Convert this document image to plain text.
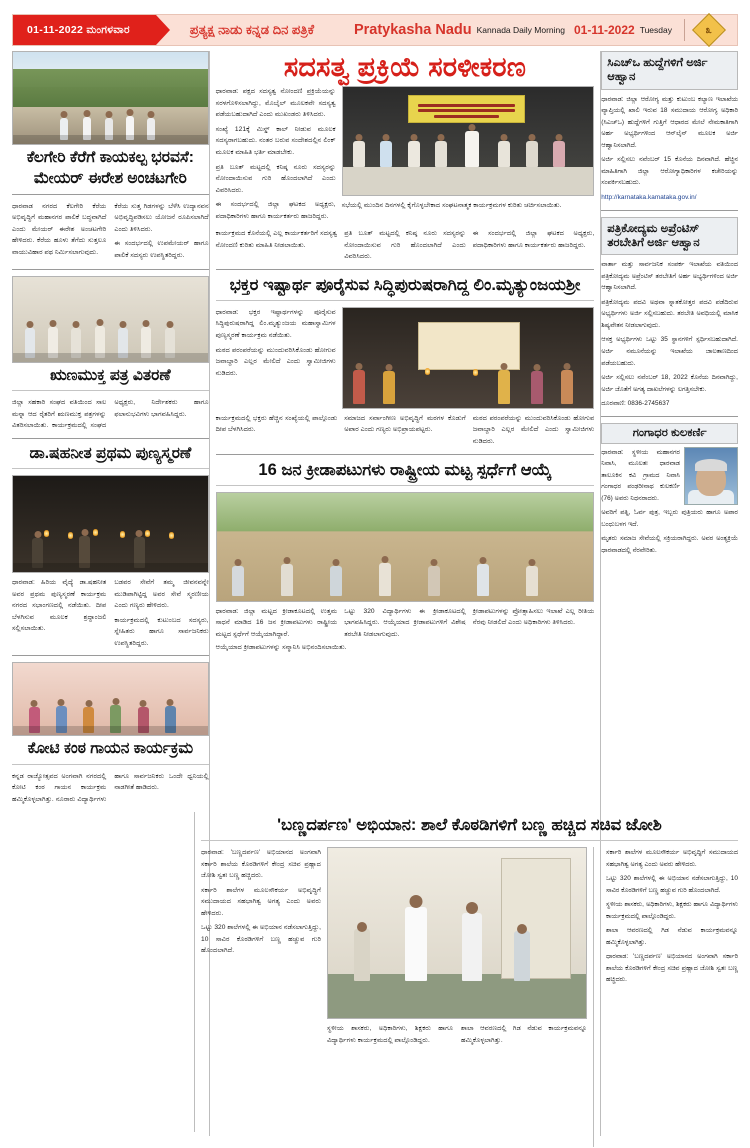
01-11-2022 ಮಂಗಳವಾರ	ಪ್ರತ್ಯಕ್ಷ ನಾಡು ಕನ್ನಡ ದಿನ ಪತ್ರಿಕೆ	Pratykasha Nadu Kannada Daily Morning 01-11-2022 Tuesday	೩
ಕೆಲಗೇರಿ ಕೆರೆಗೆ ಕಾಯಕಲ್ಪ ಭರವಸೆ:
ಮೇಯರ್ ಈರೇಶ ಅಂಚಟಗೇರಿ

ಧಾರವಾಡ ನಗರದ ಕೆಲಗೇರಿ ಕೆರೆಯ ಅಭಿವೃದ್ಧಿಗೆ ಮಹಾನಗರ ಪಾಲಿಕೆ ಬದ್ಧವಾಗಿದೆ ಎಂದು ಮೇಯರ್ ಈರೇಶ ಅಂಚಟಗೇರಿ ಹೇಳಿದರು. ಕೆರೆಯ ಹೂಳು ತೆಗೆದು ಸುತ್ತಲೂ ವಾಯುವಿಹಾರ ಪಥ ನಿರ್ಮಿಸಲಾಗುವುದು.

ಕೆರೆಯ ಸುತ್ತ ಗಿಡಗಳನ್ನು ಬೆಳೆಸಿ ಉದ್ಯಾನವನ ಅಭಿವೃದ್ಧಿಪಡಿಸಲು ಯೋಜನೆ ರೂಪಿಸಲಾಗಿದೆ ಎಂದು ತಿಳಿಸಿದರು.

ಈ ಸಂದರ್ಭದಲ್ಲಿ ಉಪಮೇಯರ್ ಹಾಗೂ ಪಾಲಿಕೆ ಸದಸ್ಯರು ಉಪಸ್ಥಿತರಿದ್ದರು.

ಋಣಮುಕ್ತ ಪತ್ರ ವಿತರಣೆ

ಜಿಲ್ಲಾ ಸಹಕಾರಿ ಸಂಘದ ವತಿಯಿಂದ ಸಾಲ ಮನ್ನಾ ಆದ ರೈತರಿಗೆ ಋಣಮುಕ್ತ ಪತ್ರಗಳನ್ನು ವಿತರಿಸಲಾಯಿತು. ಕಾರ್ಯಕ್ರಮದಲ್ಲಿ ಸಂಘದ ಅಧ್ಯಕ್ಷರು, ನಿರ್ದೇಶಕರು ಹಾಗೂ ಫಲಾನುಭವಿಗಳು ಭಾಗವಹಿಸಿದ್ದರು.

ಡಾ.ಷಹನೀತ ಪ್ರಥಮ ಪುಣ್ಯಸ್ಮರಣೆ

ಧಾರವಾಡ: ಹಿರಿಯ ವೈದ್ಯೆ ಡಾ.ಷಹನೀತ ಅವರ ಪ್ರಥಮ ಪುಣ್ಯಸ್ಮರಣೆ ಕಾರ್ಯಕ್ರಮ ನಗರದ ಸಭಾಂಗಣದಲ್ಲಿ ನಡೆಯಿತು. ದೀಪ ಬೆಳಗಿಸುವ ಮೂಲಕ ಶ್ರದ್ಧಾಂಜಲಿ ಸಲ್ಲಿಸಲಾಯಿತು.

ಬಡವರ ಸೇವೆಗೆ ತಮ್ಮ ಜೀವನವನ್ನೇ ಮುಡಿಪಾಗಿಟ್ಟಿದ್ದ ಅವರ ಸೇವೆ ಸ್ಮರಣೀಯ ಎಂದು ಗಣ್ಯರು ಹೇಳಿದರು.

ಕಾರ್ಯಕ್ರಮದಲ್ಲಿ ಕುಟುಂಬದ ಸದಸ್ಯರು, ಸ್ನೇಹಿತರು ಹಾಗೂ ಸಾರ್ವಜನಿಕರು ಉಪಸ್ಥಿತರಿದ್ದರು.

ಕೋಟಿ ಕಂಠ ಗಾಯನ ಕಾರ್ಯಕ್ರಮ

ಕನ್ನಡ ರಾಜ್ಯೋತ್ಸವದ ಅಂಗವಾಗಿ ನಗರದಲ್ಲಿ ಕೋಟಿ ಕಂಠ ಗಾಯನ ಕಾರ್ಯಕ್ರಮ ಹಮ್ಮಿಕೊಳ್ಳಲಾಗಿತ್ತು. ನೂರಾರು ವಿದ್ಯಾರ್ಥಿಗಳು ಹಾಗೂ ಸಾರ್ವಜನಿಕರು ಒಂದೇ ಧ್ವನಿಯಲ್ಲಿ ನಾಡಗೀತೆ ಹಾಡಿದರು.

ಸದಸತ್ವ ಪ್ರಕ್ರಿಯೆ ಸರಳೀಕರಣ

ಧಾರವಾಡ: ಪಕ್ಷದ ಸದಸ್ಯತ್ವ ನೋಂದಣಿ ಪ್ರಕ್ರಿಯೆಯನ್ನು ಸರಳಗೊಳಿಸಲಾಗಿದ್ದು, ಮೊಬೈಲ್ ಮೂಲಕವೇ ಸದಸ್ಯತ್ವ ಪಡೆಯಬಹುದಾಗಿದೆ ಎಂದು ಮುಖಂಡರು ತಿಳಿಸಿದರು.

ಸಂಖ್ಯೆ 121ಕ್ಕೆ ಮಿಸ್ಡ್ ಕಾಲ್ ನೀಡುವ ಮೂಲಕ ಸದಸ್ಯರಾಗಬಹುದು. ನಂತರ ಬರುವ ಸಂದೇಶದಲ್ಲಿನ ಲಿಂಕ್ ಮೂಲಕ ಮಾಹಿತಿ ಭರ್ತಿ ಮಾಡಬೇಕು.

ಪ್ರತಿ ಬೂತ್ ಮಟ್ಟದಲ್ಲಿ ಕನಿಷ್ಠ ನೂರು ಸದಸ್ಯರನ್ನು ನೋಂದಾಯಿಸುವ ಗುರಿ ಹೊಂದಲಾಗಿದೆ ಎಂದು ವಿವರಿಸಿದರು.

ಈ ಸಂದರ್ಭದಲ್ಲಿ ಜಿಲ್ಲಾ ಘಟಕದ ಅಧ್ಯಕ್ಷರು, ಪದಾಧಿಕಾರಿಗಳು ಹಾಗೂ ಕಾರ್ಯಕರ್ತರು ಹಾಜರಿದ್ದರು.

ಸಭೆಯಲ್ಲಿ ಮುಂದಿನ ದಿನಗಳಲ್ಲಿ ಕೈಗೊಳ್ಳಬೇಕಾದ ಸಂಘಟನಾತ್ಮಕ ಕಾರ್ಯಕ್ರಮಗಳ ಕುರಿತು ಚರ್ಚಿಸಲಾಯಿತು.

ಕಾರ್ಯಕ್ರಮದ ಕೊನೆಯಲ್ಲಿ ಎಲ್ಲ ಕಾರ್ಯಕರ್ತರಿಗೆ ಸದಸ್ಯತ್ವ ನೋಂದಣಿ ಕುರಿತು ಮಾಹಿತಿ ನೀಡಲಾಯಿತು.

ಪ್ರತಿ ಬೂತ್ ಮಟ್ಟದಲ್ಲಿ ಕನಿಷ್ಠ ನೂರು ಸದಸ್ಯರನ್ನು ನೋಂದಾಯಿಸುವ ಗುರಿ ಹೊಂದಲಾಗಿದೆ ಎಂದು ವಿವರಿಸಿದರು.

ಈ ಸಂದರ್ಭದಲ್ಲಿ ಜಿಲ್ಲಾ ಘಟಕದ ಅಧ್ಯಕ್ಷರು, ಪದಾಧಿಕಾರಿಗಳು ಹಾಗೂ ಕಾರ್ಯಕರ್ತರು ಹಾಜರಿದ್ದರು.

ಭಕ್ತರ ಇಷ್ಟಾರ್ಥ ಪೂರೈಸುವ ಸಿದ್ಧಿಪುರುಷರಾಗಿದ್ದ ಲಿಂ.ಮೃತ್ಯುಂಜಯಶ್ರೀ

ಧಾರವಾಡ: ಭಕ್ತರ ಇಷ್ಟಾರ್ಥಗಳನ್ನು ಪೂರೈಸುವ ಸಿದ್ಧಿಪುರುಷರಾಗಿದ್ದ ಲಿಂ.ಮೃತ್ಯುಂಜಯ ಮಹಾಸ್ವಾಮಿಗಳ ಪುಣ್ಯಸ್ಮರಣೆ ಕಾರ್ಯಕ್ರಮ ನಡೆಯಿತು.

ಮಠದ ಪರಂಪರೆಯನ್ನು ಮುಂದುವರಿಸಿಕೊಂಡು ಹೋಗುವ ಜವಾಬ್ದಾರಿ ಎಲ್ಲರ ಮೇಲಿದೆ ಎಂದು ಸ್ವಾಮೀಜಿಗಳು ನುಡಿದರು.

ಕಾರ್ಯಕ್ರಮದಲ್ಲಿ ಭಕ್ತರು ಹೆಚ್ಚಿನ ಸಂಖ್ಯೆಯಲ್ಲಿ ಪಾಲ್ಗೊಂಡು ದೀಪ ಬೆಳಗಿಸಿದರು.

ಸಮಾಜದ ಸರ್ವಾಂಗೀಣ ಅಭಿವೃದ್ಧಿಗೆ ಮಠಗಳ ಕೊಡುಗೆ ಅಪಾರ ಎಂದು ಗಣ್ಯರು ಅಭಿಪ್ರಾಯಪಟ್ಟರು.

ಮಠದ ಪರಂಪರೆಯನ್ನು ಮುಂದುವರಿಸಿಕೊಂಡು ಹೋಗುವ ಜವಾಬ್ದಾರಿ ಎಲ್ಲರ ಮೇಲಿದೆ ಎಂದು ಸ್ವಾಮೀಜಿಗಳು ನುಡಿದರು.

16 ಜನ ಕ್ರೀಡಾಪಟುಗಳು ರಾಷ್ಟ್ರೀಯ ಮಟ್ಟ ಸ್ಪರ್ಧೆಗೆ ಆಯ್ಕೆ

ಧಾರವಾಡ: ಜಿಲ್ಲಾ ಮಟ್ಟದ ಕ್ರೀಡಾಕೂಟದಲ್ಲಿ ಉತ್ತಮ ಸಾಧನೆ ಮಾಡಿದ 16 ಜನ ಕ್ರೀಡಾಪಟುಗಳು ರಾಷ್ಟ್ರೀಯ ಮಟ್ಟದ ಸ್ಪರ್ಧೆಗೆ ಆಯ್ಕೆಯಾಗಿದ್ದಾರೆ.

ಒಟ್ಟು 320 ವಿದ್ಯಾರ್ಥಿಗಳು ಈ ಕ್ರೀಡಾಕೂಟದಲ್ಲಿ ಭಾಗವಹಿಸಿದ್ದರು. ಆಯ್ಕೆಯಾದ ಕ್ರೀಡಾಪಟುಗಳಿಗೆ ವಿಶೇಷ ತರಬೇತಿ ನೀಡಲಾಗುವುದು.

ಕ್ರೀಡಾಪಟುಗಳನ್ನು ಪ್ರೋತ್ಸಾಹಿಸಲು ಇಲಾಖೆ ಎಲ್ಲ ರೀತಿಯ ನೆರವು ನೀಡಲಿದೆ ಎಂದು ಅಧಿಕಾರಿಗಳು ತಿಳಿಸಿದರು.

ಆಯ್ಕೆಯಾದ ಕ್ರೀಡಾಪಟುಗಳನ್ನು ಸನ್ಮಾನಿಸಿ ಅಭಿನಂದಿಸಲಾಯಿತು.

ಸಿಎಚ್ಒ ಹುದ್ದೆಗಳಿಗೆ ಅರ್ಜಿ ಆಹ್ವಾನ

ಧಾರವಾಡ: ಜಿಲ್ಲಾ ಆರೋಗ್ಯ ಮತ್ತು ಕುಟುಂಬ ಕಲ್ಯಾಣ ಇಲಾಖೆಯ ವ್ಯಾಪ್ತಿಯಲ್ಲಿ ಖಾಲಿ ಇರುವ 18 ಸಮುದಾಯ ಆರೋಗ್ಯ ಅಧಿಕಾರಿ (ಸಿಎಚ್ಒ) ಹುದ್ದೆಗಳಿಗೆ ಗುತ್ತಿಗೆ ಆಧಾರದ ಮೇಲೆ ನೇಮಕಾತಿಗಾಗಿ ಅರ್ಹ ಅಭ್ಯರ್ಥಿಗಳಿಂದ ಆನ್‌ಲೈನ್ ಮೂಲಕ ಅರ್ಜಿ ಆಹ್ವಾನಿಸಲಾಗಿದೆ.

ಅರ್ಜಿ ಸಲ್ಲಿಸಲು ನವೆಂಬರ್ 15 ಕೊನೆಯ ದಿನವಾಗಿದೆ. ಹೆಚ್ಚಿನ ಮಾಹಿತಿಗಾಗಿ ಜಿಲ್ಲಾ ಆರೋಗ್ಯಾಧಿಕಾರಿಗಳ ಕಚೇರಿಯನ್ನು ಸಂಪರ್ಕಿಸಬಹುದು.

http://karnataka.kamataka.gov.in/

ಪತ್ರಿಕೋದ್ಯಮ ಅಪ್ರೆಂಟಿಸ್ ತರಬೇತಿಗೆ ಅರ್ಜಿ ಆಹ್ವಾನ

ವಾರ್ತಾ ಮತ್ತು ಸಾರ್ವಜನಿಕ ಸಂಪರ್ಕ ಇಲಾಖೆಯ ವತಿಯಿಂದ ಪತ್ರಿಕೋದ್ಯಮ ಅಪ್ರೆಂಟಿಸ್ ತರಬೇತಿಗೆ ಅರ್ಹ ಅಭ್ಯರ್ಥಿಗಳಿಂದ ಅರ್ಜಿ ಆಹ್ವಾನಿಸಲಾಗಿದೆ.

ಪತ್ರಿಕೋದ್ಯಮ ಪದವಿ ಅಥವಾ ಸ್ನಾತಕೋತ್ತರ ಪದವಿ ಪಡೆದಿರುವ ಅಭ್ಯರ್ಥಿಗಳು ಅರ್ಜಿ ಸಲ್ಲಿಸಬಹುದು. ತರಬೇತಿ ಅವಧಿಯಲ್ಲಿ ಮಾಸಿಕ ಶಿಷ್ಯವೇತನ ನೀಡಲಾಗುವುದು.

ಆಸಕ್ತ ಅಭ್ಯರ್ಥಿಗಳು ಒಟ್ಟು 35 ಸ್ಥಾನಗಳಿಗೆ ಸ್ಪರ್ಧಿಸಬಹುದಾಗಿದೆ. ಅರ್ಜಿ ನಮೂನೆಯನ್ನು ಇಲಾಖೆಯ ಜಾಲತಾಣದಿಂದ ಪಡೆಯಬಹುದು.

ಅರ್ಜಿ ಸಲ್ಲಿಸಲು ನವೆಂಬರ್ 18, 2022 ಕೊನೆಯ ದಿನವಾಗಿದ್ದು, ಅರ್ಜಿ ಜೊತೆಗೆ ಅಗತ್ಯ ದಾಖಲೆಗಳನ್ನು ಲಗತ್ತಿಸಬೇಕು.

ದೂರವಾಣಿ: 0836-2745637

ಗಂಗಾಧರ ಕುಲಕರ್ಣಿ

ಧಾರವಾಡ: ಸ್ಥಳೀಯ ಮಹಾನಗರ ನಿವಾಸಿ, ಮೂಲತಃ ಧಾರವಾಡ ತಾಲೂಕಿನ ಕವಿ ಗ್ರಾಮದ ನಿವಾಸಿ ಗಂಗಾಧರ ಪಂಢರೀನಾಥ ಕುಲಕರ್ಣಿ (76) ಅವರು ನಿಧನರಾದರು.

ಅವರಿಗೆ ಪತ್ನಿ, ಓರ್ವ ಪುತ್ರ, ಇಬ್ಬರು ಪುತ್ರಿಯರು ಹಾಗೂ ಅಪಾರ ಬಂಧುಬಳಗ ಇದೆ.

ಮೃತರು ಸಮಾಜ ಸೇವೆಯಲ್ಲಿ ಸಕ್ರಿಯರಾಗಿದ್ದರು. ಅವರ ಅಂತ್ಯಕ್ರಿಯೆ ಧಾರವಾಡದಲ್ಲಿ ನೆರವೇರಿತು.

'ಬಣ್ಣದರ್ಪಣ' ಅಭಿಯಾನ: ಶಾಲೆ ಕೊಠಡಿಗಳಿಗೆ ಬಣ್ಣ ಹಚ್ಚಿದ ಸಚಿವ ಜೋಶಿ

ಧಾರವಾಡ: 'ಬಣ್ಣದರ್ಪಣ' ಅಭಿಯಾನದ ಅಂಗವಾಗಿ ಸರ್ಕಾರಿ ಶಾಲೆಯ ಕೊಠಡಿಗಳಿಗೆ ಕೇಂದ್ರ ಸಚಿವ ಪ್ರಹ್ಲಾದ ಜೋಶಿ ಸ್ವತಃ ಬಣ್ಣ ಹಚ್ಚಿದರು.

ಸರ್ಕಾರಿ ಶಾಲೆಗಳ ಮೂಲಸೌಕರ್ಯ ಅಭಿವೃದ್ಧಿಗೆ ಸಮುದಾಯದ ಸಹಭಾಗಿತ್ವ ಅಗತ್ಯ ಎಂದು ಅವರು ಹೇಳಿದರು.

ಒಟ್ಟು 320 ಶಾಲೆಗಳಲ್ಲಿ ಈ ಅಭಿಯಾನ ನಡೆಸಲಾಗುತ್ತಿದ್ದು, 10 ಸಾವಿರ ಕೊಠಡಿಗಳಿಗೆ ಬಣ್ಣ ಹಚ್ಚುವ ಗುರಿ ಹೊಂದಲಾಗಿದೆ.

ಸ್ಥಳೀಯ ಶಾಸಕರು, ಅಧಿಕಾರಿಗಳು, ಶಿಕ್ಷಕರು ಹಾಗೂ ವಿದ್ಯಾರ್ಥಿಗಳು ಕಾರ್ಯಕ್ರಮದಲ್ಲಿ ಪಾಲ್ಗೊಂಡಿದ್ದರು.

ಶಾಲಾ ಆವರಣದಲ್ಲಿ ಗಿಡ ನೆಡುವ ಕಾರ್ಯಕ್ರಮವನ್ನೂ ಹಮ್ಮಿಕೊಳ್ಳಲಾಗಿತ್ತು.

ಸರ್ಕಾರಿ ಶಾಲೆಗಳ ಮೂಲಸೌಕರ್ಯ ಅಭಿವೃದ್ಧಿಗೆ ಸಮುದಾಯದ ಸಹಭಾಗಿತ್ವ ಅಗತ್ಯ ಎಂದು ಅವರು ಹೇಳಿದರು.

ಒಟ್ಟು 320 ಶಾಲೆಗಳಲ್ಲಿ ಈ ಅಭಿಯಾನ ನಡೆಸಲಾಗುತ್ತಿದ್ದು, 10 ಸಾವಿರ ಕೊಠಡಿಗಳಿಗೆ ಬಣ್ಣ ಹಚ್ಚುವ ಗುರಿ ಹೊಂದಲಾಗಿದೆ.

ಸ್ಥಳೀಯ ಶಾಸಕರು, ಅಧಿಕಾರಿಗಳು, ಶಿಕ್ಷಕರು ಹಾಗೂ ವಿದ್ಯಾರ್ಥಿಗಳು ಕಾರ್ಯಕ್ರಮದಲ್ಲಿ ಪಾಲ್ಗೊಂಡಿದ್ದರು.

ಶಾಲಾ ಆವರಣದಲ್ಲಿ ಗಿಡ ನೆಡುವ ಕಾರ್ಯಕ್ರಮವನ್ನೂ ಹಮ್ಮಿಕೊಳ್ಳಲಾಗಿತ್ತು.

ಧಾರವಾಡ: 'ಬಣ್ಣದರ್ಪಣ' ಅಭಿಯಾನದ ಅಂಗವಾಗಿ ಸರ್ಕಾರಿ ಶಾಲೆಯ ಕೊಠಡಿಗಳಿಗೆ ಕೇಂದ್ರ ಸಚಿವ ಪ್ರಹ್ಲಾದ ಜೋಶಿ ಸ್ವತಃ ಬಣ್ಣ ಹಚ್ಚಿದರು.
